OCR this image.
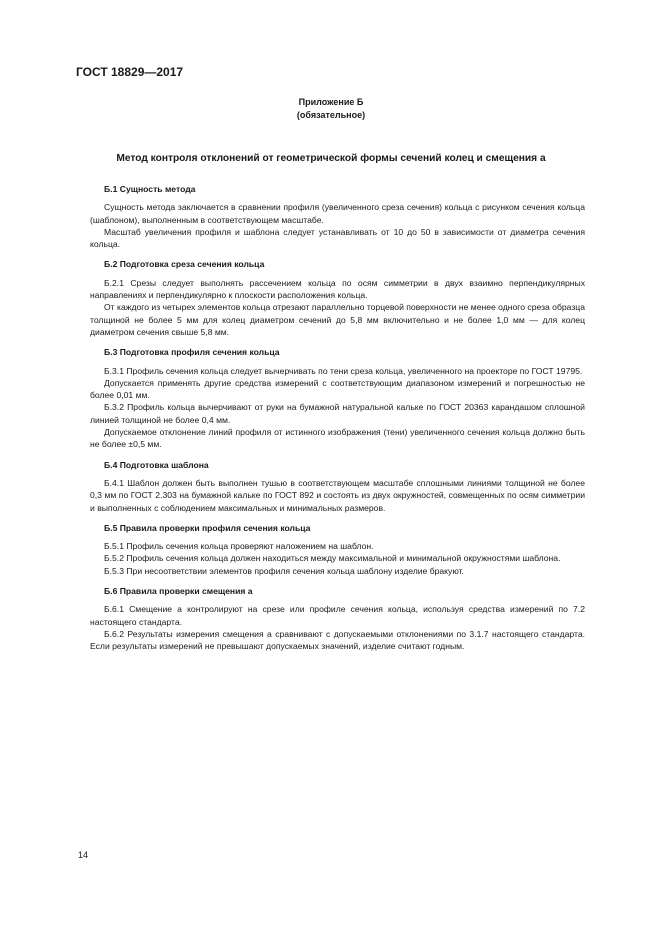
ГОСТ 18829—2017
Приложение Б
(обязательное)
Метод контроля отклонений от геометрической формы сечений колец и смещения а
Б.1 Сущность метода

Сущность метода заключается в сравнении профиля (увеличенного среза сечения) кольца с рисунком сечения кольца (шаблоном), выполненным в соответствующем масштабе.

Масштаб увеличения профиля и шаблона следует устанавливать от 10 до 50 в зависимости от диаметра сечения кольца.

Б.2 Подготовка среза сечения кольца

Б.2.1 Срезы следует выполнять рассечением кольца по осям симметрии в двух взаимно перпендикулярных направлениях и перпендикулярно к плоскости расположения кольца.

От каждого из четырех элементов кольца отрезают параллельно торцевой поверхности не менее одного среза образца толщиной не более 5 мм для колец диаметром сечений до 5,8 мм включительно и не более 1,0 мм — для колец диаметром сечения свыше 5,8 мм.

Б.3 Подготовка профиля сечения кольца

Б.3.1 Профиль сечения кольца следует вычерчивать по тени среза кольца, увеличенного на проекторе по ГОСТ 19795.

Допускается применять другие средства измерений с соответствующим диапазоном измерений и погрешностью не более 0,01 мм.

Б.3.2 Профиль кольца вычерчивают от руки на бумажной натуральной кальке по ГОСТ 20363 карандашом сплошной линией толщиной не более 0,4 мм.

Допускаемое отклонение линий профиля от истинного изображения (тени) увеличенного сечения кольца должно быть не более ±0,5 мм.

Б.4 Подготовка шаблона

Б.4.1 Шаблон должен быть выполнен тушью в соответствующем масштабе сплошными линиями толщиной не более 0,3 мм по ГОСТ 2.303 на бумажной кальке по ГОСТ 892 и состоять из двух окружностей, совмещенных по осям симметрии и выполненных с соблюдением максимальных и минимальных размеров.

Б.5 Правила проверки профиля сечения кольца

Б.5.1 Профиль сечения кольца проверяют наложением на шаблон.

Б.5.2 Профиль сечения кольца должен находиться между максимальной и минимальной окружностями шаблона.

Б.5.3 При несоответствии элементов профиля сечения кольца шаблону изделие бракуют.

Б.6 Правила проверки смещения а

Б.6.1 Смещение а контролируют на срезе или профиле сечения кольца, используя средства измерений по 7.2 настоящего стандарта.

Б.6.2 Результаты измерения смещения а сравнивают с допускаемыми отклонениями по 3.1.7 настоящего стандарта. Если результаты измерений не превышают допускаемых значений, изделие считают годным.

14
